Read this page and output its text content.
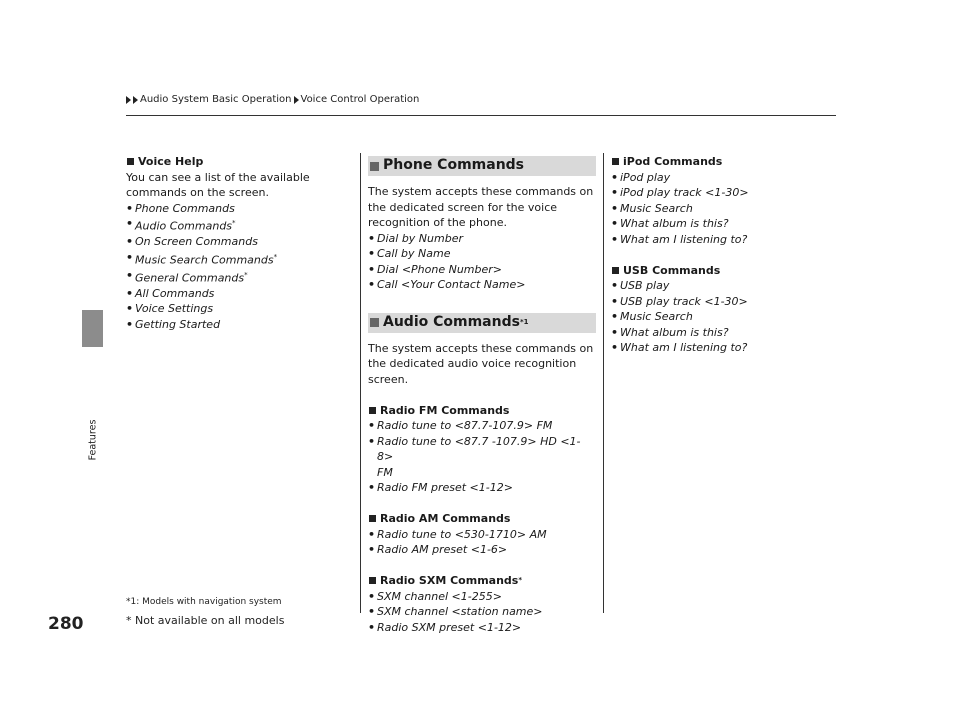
Audio System Basic Operation Voice Control Operation
Features

Voice Help

You can see a list of the available commands on the screen.

• Phone Commands
• Audio Commands*
• On Screen Commands
• Music Search Commands*
• General Commands*
• All Commands
• Voice Settings
• Getting Started
Phone Commands

The system accepts these commands on the dedicated screen for the voice recognition of the phone.

• Dial by Number
• Call by Name
• Dial <Phone Number>
• Call <Your Contact Name>
Audio Commands *1

The system accepts these commands on the dedicated audio voice recognition screen.

Radio FM Commands

• Radio tune to <87.7-107.9> FM
• Radio tune to <87.7 -107.9> HD <1-8>
FM
• Radio FM preset <1-12>

Radio AM Commands

• Radio tune to <530-1710> AM
• Radio AM preset <1-6>

Radio SXM Commands *

• SXM channel <1-255>
• SXM channel <station name>
• Radio SXM preset <1-12>

iPod Commands

• iPod play
• iPod play track <1-30>
• Music Search
• What album is this?
• What am I listening to?

USB Commands

• USB play
• USB play track <1-30>
• Music Search
• What album is this?
• What am I listening to?
*1: Models with navigation system
280	* Not available on all models
